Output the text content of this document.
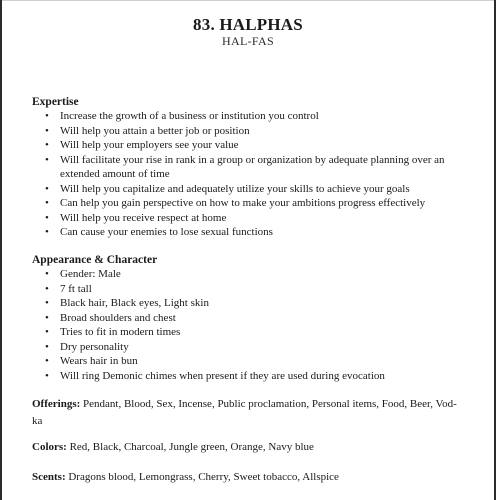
83. HALPHAS
HAL-FAS
Expertise
• Increase the growth of a business or institution you control
• Will help you attain a better job or position
• Will help your employers see your value
• Will facilitate your rise in rank in a group or organization by adequate planning over an extended amount of time
• Will help you capitalize and adequately utilize your skills to achieve your goals
• Can help you gain perspective on how to make your ambitions progress effectively
• Will help you receive respect at home
• Can cause your enemies to lose sexual functions
Appearance & Character
• Gender: Male
• 7 ft tall
• Black hair, Black eyes, Light skin
• Broad shoulders and chest
• Tries to fit in modern times
• Dry personality
• Wears hair in bun
• Will ring Demonic chimes when present if they are used during evocation
Offerings: Pendant, Blood, Sex, Incense, Public proclamation, Personal items, Food, Beer, Vod-ka
Colors: Red, Black, Charcoal, Jungle green, Orange, Navy blue
Scents: Dragons blood, Lemongrass, Cherry, Sweet tobacco, Allspice
